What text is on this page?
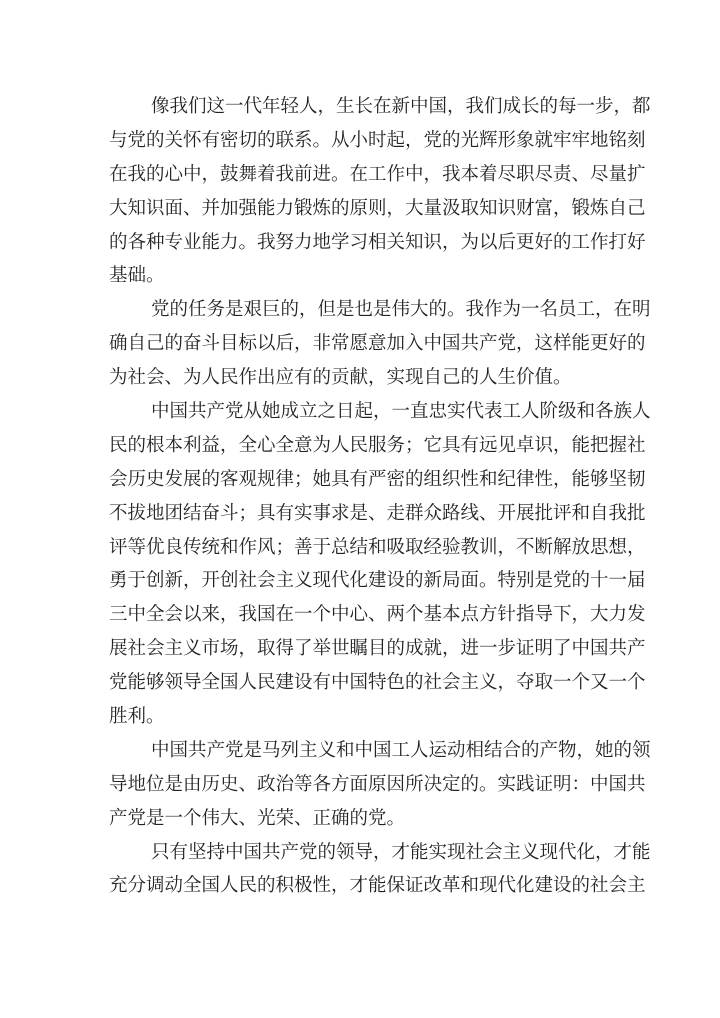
像我们这一代年轻人，生长在新中国，我们成长的每一步，都
与党的关怀有密切的联系。从小时起，党的光辉形象就牢牢地铭刻
在我的心中，鼓舞着我前进。在工作中，我本着尽职尽责、尽量扩
大知识面、并加强能力锻炼的原则，大量汲取知识财富，锻炼自己
的各种专业能力。我努力地学习相关知识，为以后更好的工作打好
基础。
党的任务是艰巨的，但是也是伟大的。我作为一名员工，在明
确自己的奋斗目标以后，非常愿意加入中国共产党，这样能更好的
为社会、为人民作出应有的贡献，实现自己的人生价值。
中国共产党从她成立之日起，一直忠实代表工人阶级和各族人
民的根本利益，全心全意为人民服务；它具有远见卓识，能把握社
会历史发展的客观规律；她具有严密的组织性和纪律性，能够坚韧
不拔地团结奋斗；具有实事求是、走群众路线、开展批评和自我批
评等优良传统和作风；善于总结和吸取经验教训，不断解放思想，
勇于创新，开创社会主义现代化建设的新局面。特别是党的十一届
三中全会以来，我国在一个中心、两个基本点方针指导下，大力发
展社会主义市场，取得了举世瞩目的成就，进一步证明了中国共产
党能够领导全国人民建设有中国特色的社会主义，夺取一个又一个
胜利。
中国共产党是马列主义和中国工人运动相结合的产物，她的领
导地位是由历史、政治等各方面原因所决定的。实践证明：中国共
产党是一个伟大、光荣、正确的党。
只有坚持中国共产党的领导，才能实现社会主义现代化，才能
充分调动全国人民的积极性，才能保证改革和现代化建设的社会主
